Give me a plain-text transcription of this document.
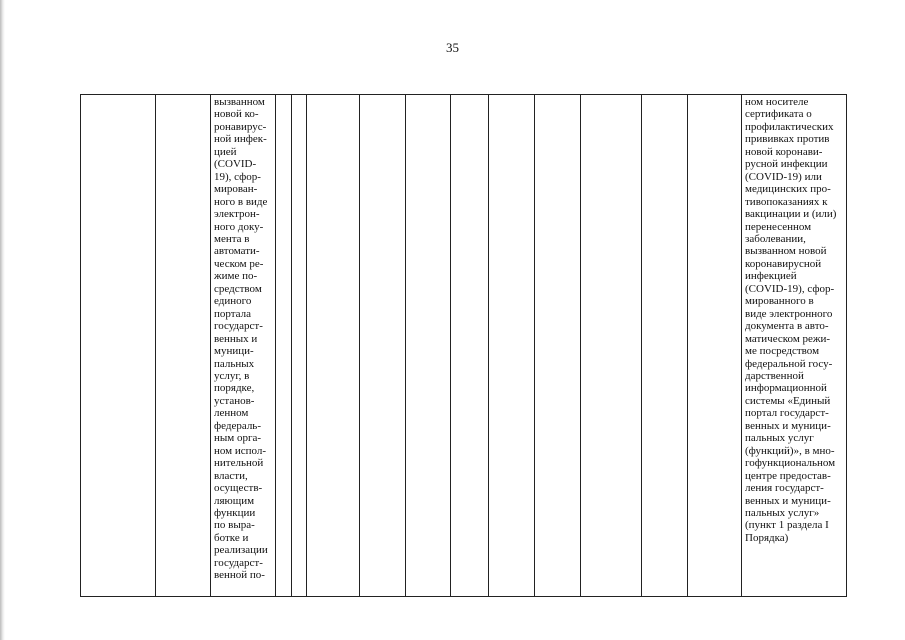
35
вызванном
новой ко-
ронавирус-
ной инфек-
цией
(COVID-
19), сфор-
мирован-
ного в виде
электрон-
ного доку-
мента в
автомати-
ческом ре-
жиме по-
средством
единого
портала
государст-
венных и
муници-
пальных
услуг, в
порядке,
установ-
ленном
федераль-
ным орга-
ном испол-
нительной
власти,
осуществ-
ляющим
функции
по выра-
ботке и
реализации
государст-
венной по-
ном носителе
сертификата о
профилактических
прививках против
новой коронави-
русной инфекции
(COVID-19) или
медицинских про-
тивопоказаниях к
вакцинации и (или)
перенесенном
заболевании,
вызванном новой
коронавирусной
инфекцией
(COVID-19), сфор-
мированного в
виде электронного
документа в авто-
матическом режи-
ме посредством
федеральной госу-
дарственной
информационной
системы «Единый
портал государст-
венных и муници-
пальных услуг
(функций)», в мно-
гофункциональном
центре предостав-
ления государст-
венных и муници-
пальных услуг»
(пункт 1 раздела I
Порядка)
